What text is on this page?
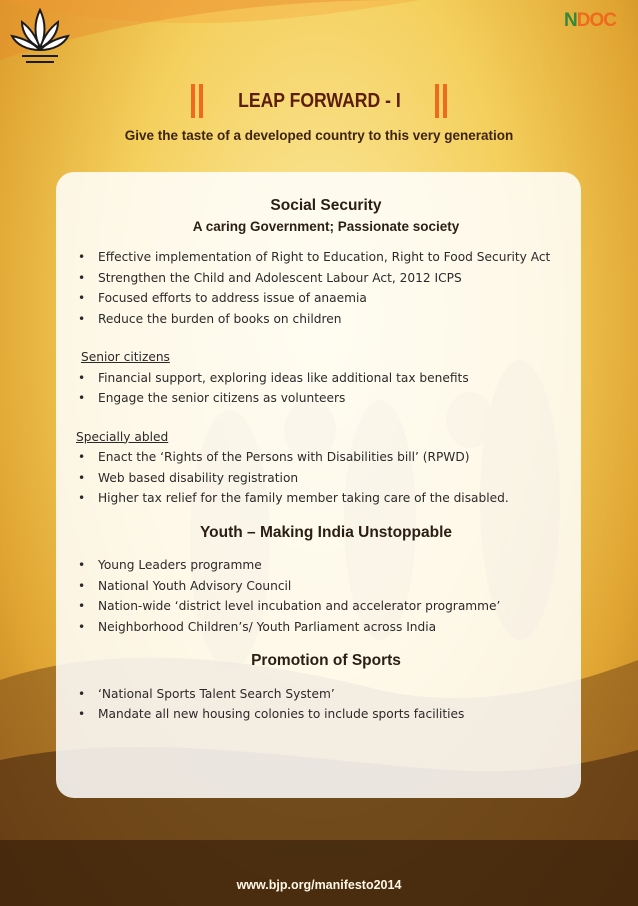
NDOC
LEAP FORWARD - I
Give the taste of a developed country to this very generation
Social Security
A caring Government; Passionate society
• Effective implementation of Right to Education, Right to Food Security Act
• Strengthen the Child and Adolescent Labour Act, 2012 ICPS
• Focused efforts to address issue of anaemia
• Reduce the burden of books on children
Senior citizens
• Financial support, exploring ideas like additional tax benefits
• Engage the senior citizens as volunteers
Specially abled
• Enact the ‘Rights of the Persons with Disabilities bill’ (RPWD)
• Web based disability registration
• Higher tax relief for the family member taking care of the disabled.
Youth – Making India Unstoppable
• Young Leaders programme
• National Youth Advisory Council
• Nation-wide ‘district level incubation and accelerator programme’
• Neighborhood Children’s/ Youth Parliament across India
Promotion of Sports
• ‘National Sports Talent Search System’
• Mandate all new housing colonies to include sports facilities
www.bjp.org/manifesto2014
